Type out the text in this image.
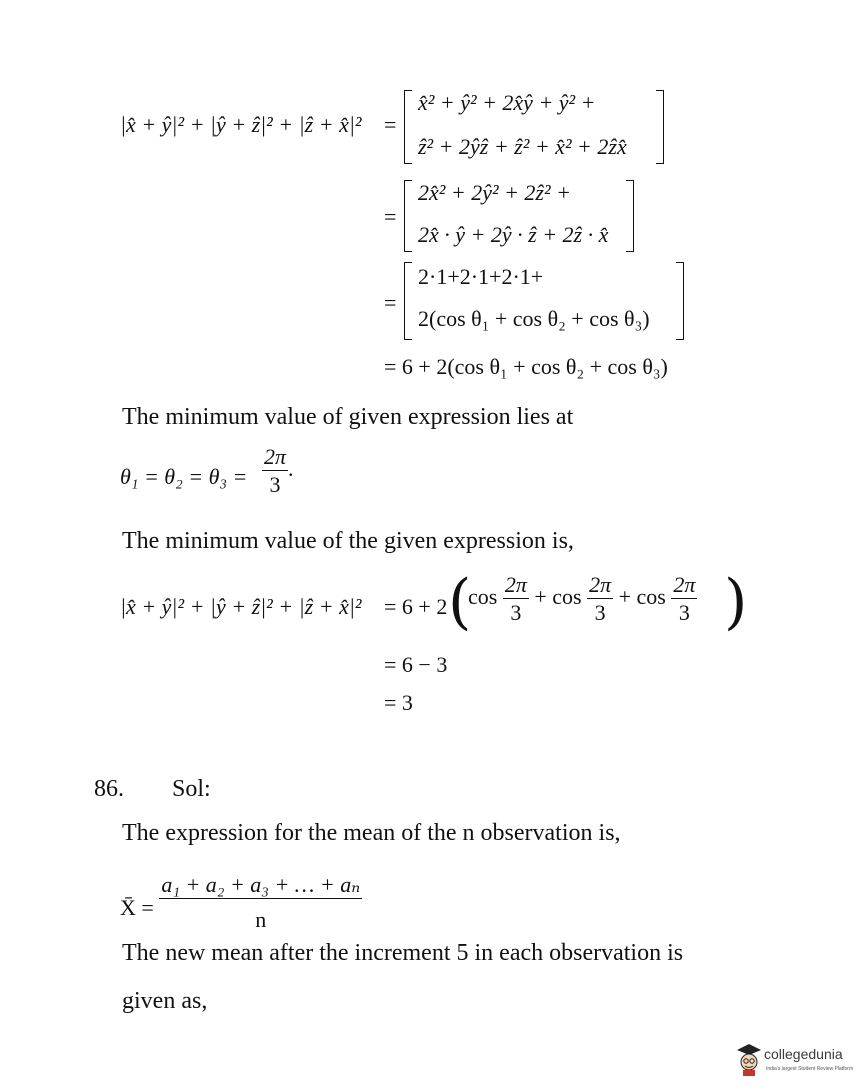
|x̂ + ŷ|² + |ŷ + ẑ|² + |ẑ + x̂|² =
x̂² + ŷ² + 2x̂ŷ + ŷ² +
ẑ² + 2ŷẑ + ẑ² + x̂² + 2ẑx̂
=
2x̂² + 2ŷ² + 2ẑ² +
2x̂ · ŷ + 2ŷ · ẑ + 2ẑ · x̂
=
2·1+2·1+2·1+
2(cos θ₁ + cos θ₂ + cos θ₃)
= 6 + 2(cos θ₁ + cos θ₂ + cos θ₃)
The minimum value of given expression lies at
$\theta_1 = \theta_2 = \theta_3 = \frac{2\pi}{3}$ .
The minimum value of the given expression is,
|x̂ + ŷ|² + |ŷ + ẑ|² + |ẑ + x̂|² = 6 + 2 (
$\cos \frac{2\pi}{3} + \cos \frac{2\pi}{3} + \cos \frac{2\pi}{3}$ )
= 6 − 3
= 3
86. Sol:
The expression for the mean of the n observation is,
X̄ = $\frac{\text{a₁ + a₂ + a₃ + … + aₙ}}{n}$
The new mean after the increment 5 in each observation is
given as,
collegedunia
India's largest Student Review Platform
